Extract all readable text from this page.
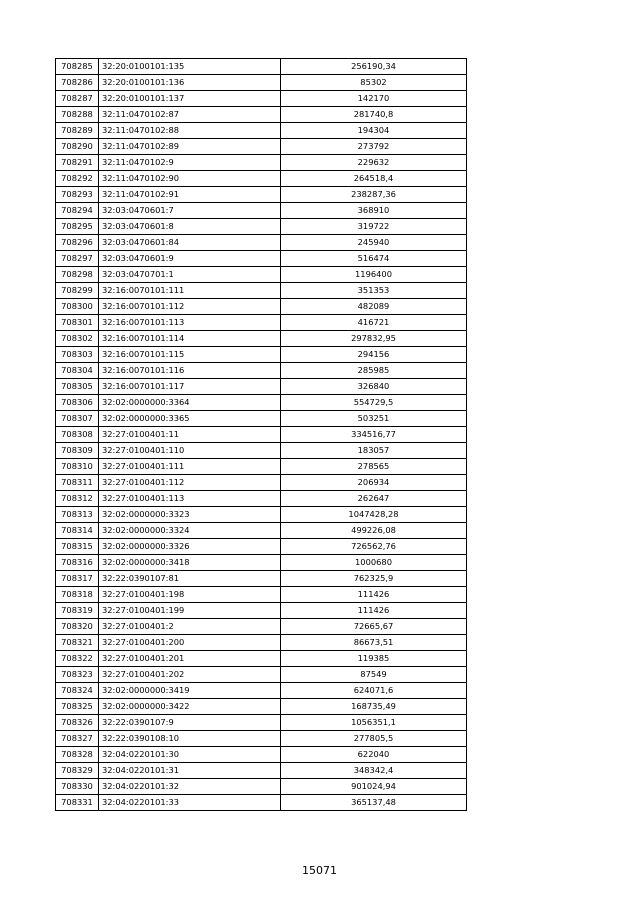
708285	32:20:0100101:135	256190,34
708286	32:20:0100101:136	85302
708287	32:20:0100101:137	142170
708288	32:11:0470102:87	281740,8
708289	32:11:0470102:88	194304
708290	32:11:0470102:89	273792
708291	32:11:0470102:9	229632
708292	32:11:0470102:90	264518,4
708293	32:11:0470102:91	238287,36
708294	32:03:0470601:7	368910
708295	32:03:0470601:8	319722
708296	32:03:0470601:84	245940
708297	32:03:0470601:9	516474
708298	32:03:0470701:1	1196400
708299	32:16:0070101:111	351353
708300	32:16:0070101:112	482089
708301	32:16:0070101:113	416721
708302	32:16:0070101:114	297832,95
708303	32:16:0070101:115	294156
708304	32:16:0070101:116	285985
708305	32:16:0070101:117	326840
708306	32:02:0000000:3364	554729,5
708307	32:02:0000000:3365	503251
708308	32:27:0100401:11	334516,77
708309	32:27:0100401:110	183057
708310	32:27:0100401:111	278565
708311	32:27:0100401:112	206934
708312	32:27:0100401:113	262647
708313	32:02:0000000:3323	1047428,28
708314	32:02:0000000:3324	499226,08
708315	32:02:0000000:3326	726562,76
708316	32:02:0000000:3418	1000680
708317	32:22:0390107:81	762325,9
708318	32:27:0100401:198	111426
708319	32:27:0100401:199	111426
708320	32:27:0100401:2	72665,67
708321	32:27:0100401:200	86673,51
708322	32:27:0100401:201	119385
708323	32:27:0100401:202	87549
708324	32:02:0000000:3419	624071,6
708325	32:02:0000000:3422	168735,49
708326	32:22:0390107:9	1056351,1
708327	32:22:0390108:10	277805,5
708328	32:04:0220101:30	622040
708329	32:04:0220101:31	348342,4
708330	32:04:0220101:32	901024,94
708331	32:04:0220101:33	365137,48
15071
